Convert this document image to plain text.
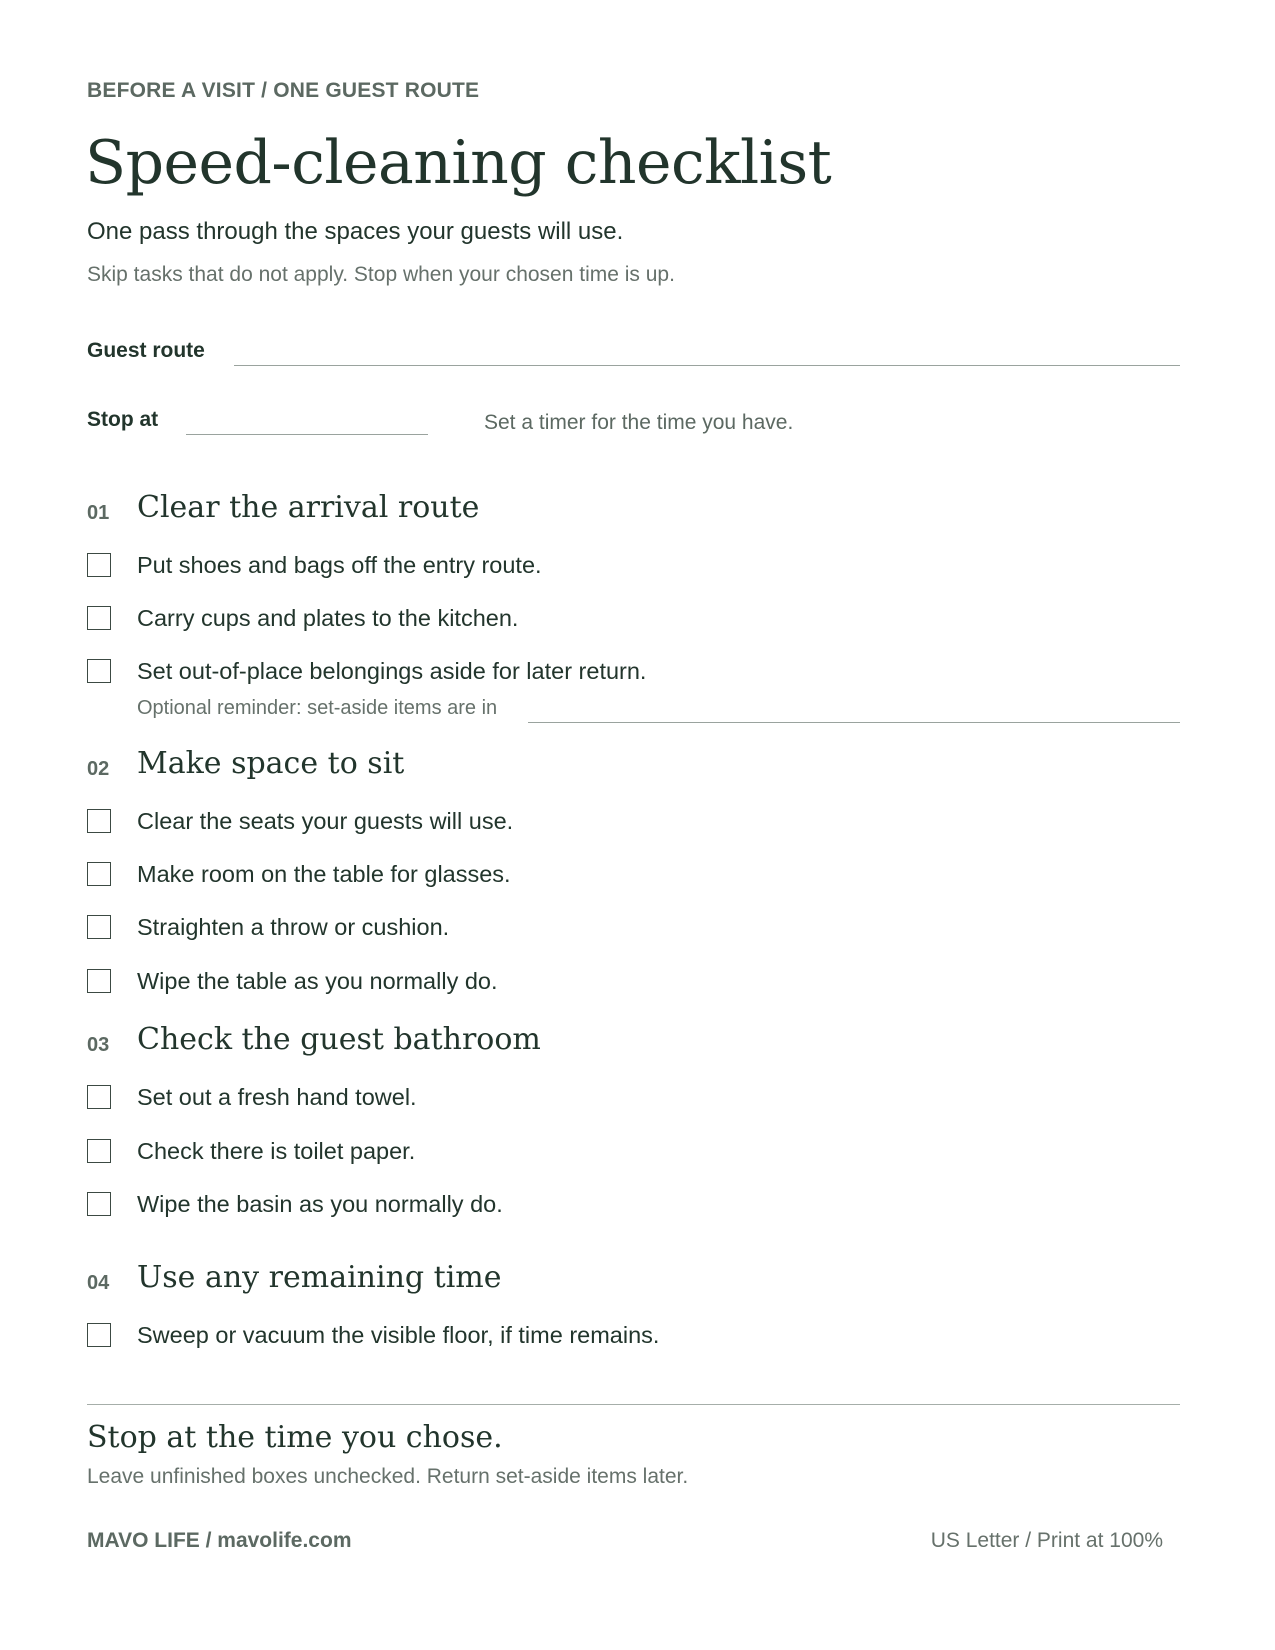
BEFORE A VISIT / ONE GUEST ROUTE
Speed-cleaning checklist
One pass through the spaces your guests will use.
Skip tasks that do not apply. Stop when your chosen time is up.
Guest route
Stop at	Set a timer for the time you have.
01 Clear the arrival route
Put shoes and bags off the entry route.
Carry cups and plates to the kitchen.
Set out-of-place belongings aside for later return.
Optional reminder: set-aside items are in
02 Make space to sit
Clear the seats your guests will use.
Make room on the table for glasses.
Straighten a throw or cushion.
Wipe the table as you normally do.
03 Check the guest bathroom
Set out a fresh hand towel.
Check there is toilet paper.
Wipe the basin as you normally do.
04 Use any remaining time
Sweep or vacuum the visible floor, if time remains.
Stop at the time you chose.
Leave unfinished boxes unchecked. Return set-aside items later.
MAVO LIFE / mavolife.com	US Letter / Print at 100%
